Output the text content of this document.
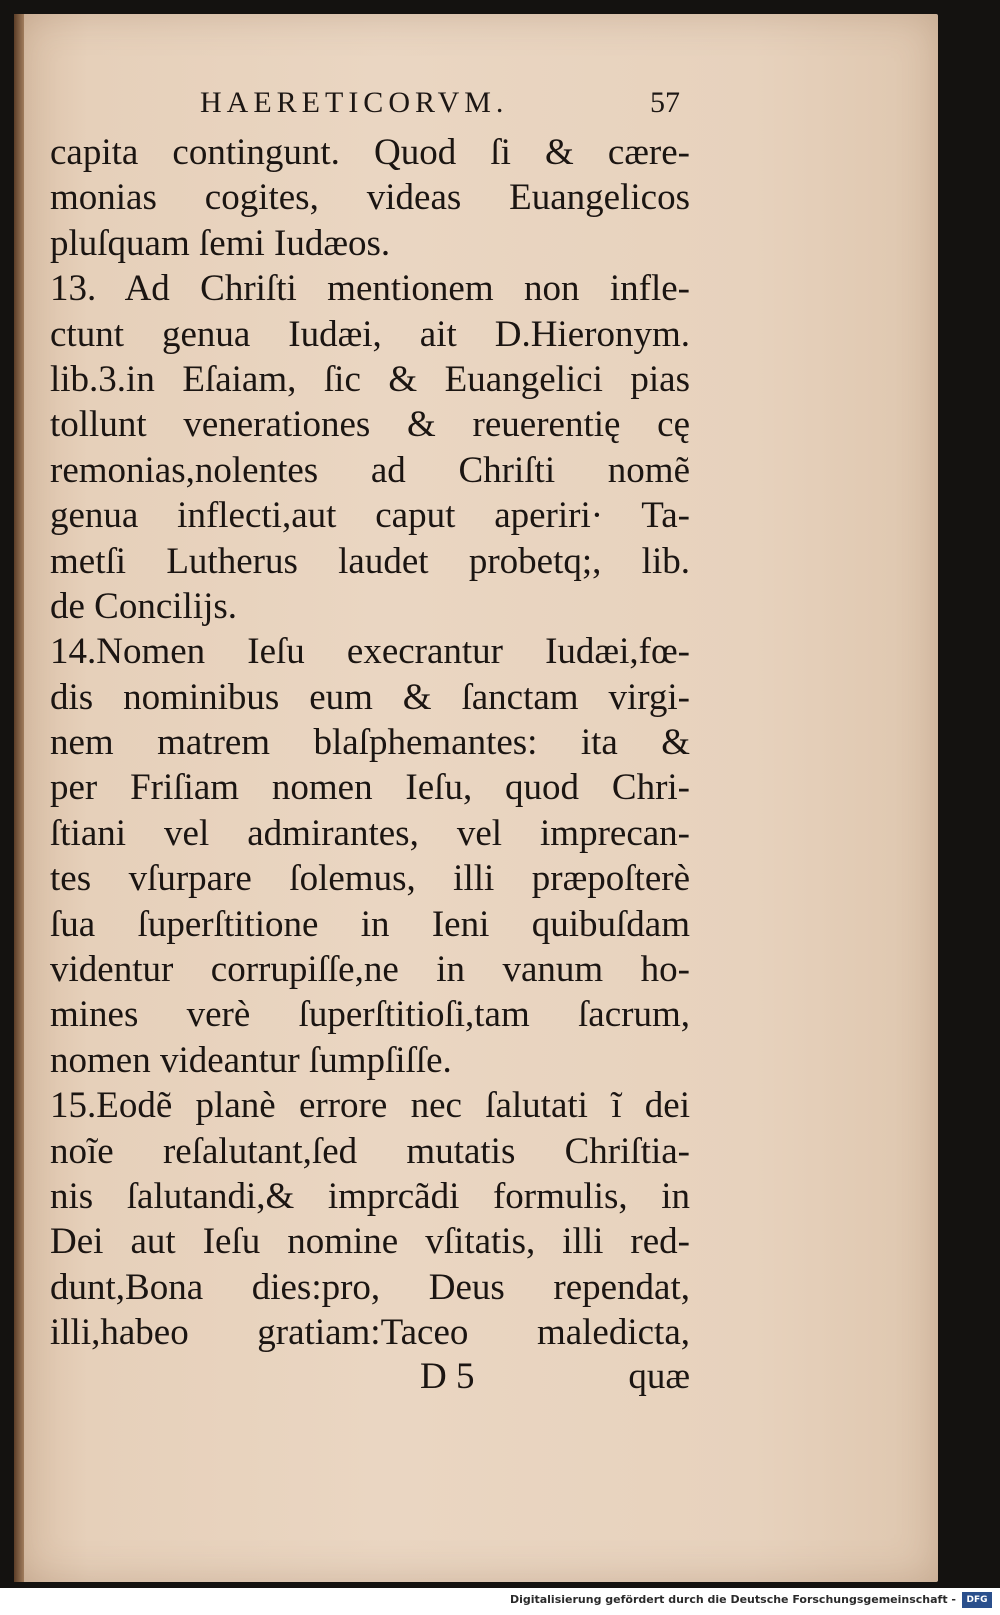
HAERETICORVM.	57
capita contingunt. Quod ſi & cære-
monias cogites, videas Euangelicos
pluſquam ſemi Iudæos.
13. Ad Chriſti mentionem non infle-
ctunt genua Iudæi, ait D.Hieronym.
lib.3.in Eſaiam, ſic & Euangelici pias
tollunt venerationes & reuerentię cę
remonias,nolentes ad Chriſti nomẽ
genua inflecti,aut caput aperiri· Ta-
metſi Lutherus laudet probetq;, lib.
de Concilijs.
14.Nomen Ieſu execrantur Iudæi,fœ-
dis nominibus eum & ſanctam virgi-
nem matrem blaſphemantes: ita &
per Friſiam nomen Ieſu, quod Chri-
ſtiani vel admirantes, vel imprecan-
tes vſurpare ſolemus, illi præpoſterè
ſua ſuperſtitione in Ieni quibuſdam
videntur corrupiſſe,ne in vanum ho-
mines verè ſuperſtitioſi,tam ſacrum,
nomen videantur ſumpſiſſe.
15.Eodẽ planè errore nec ſalutati ĩ dei
noĩe reſalutant,ſed mutatis Chriſtia-
nis ſalutandi,& imprcãdi formulis, in
Dei aut Ieſu nomine vſitatis, illi red-
dunt,Bona dies:pro, Deus rependat,
illi,habeo gratiam:Taceo maledicta,
D 5	quæ
Digitalisierung gefördert durch die Deutsche Forschungsgemeinschaft -	DFG
